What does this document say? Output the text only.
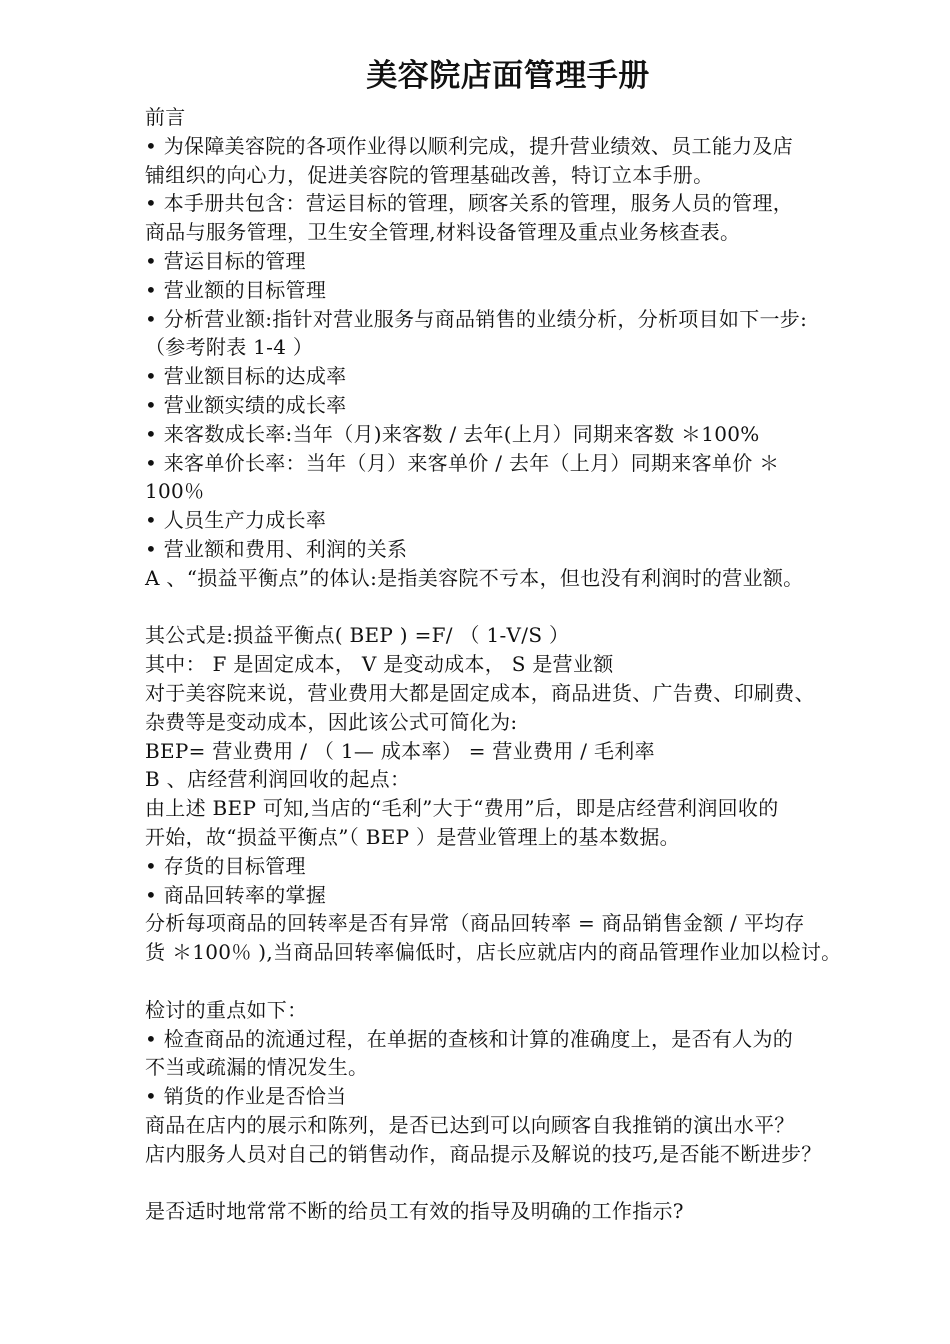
美容院店面管理手册

前言

• 为保障美容院的各项作业得以顺利完成，提升营业绩效、员工能力及店

铺组织的向心力，促进美容院的管理基础改善，特订立本手册。

• 本手册共包含：营运目标的管理，顾客关系的管理，服务人员的管理，

商品与服务管理，卫生安全管理,材料设备管理及重点业务核查表。

• 营运目标的管理

• 营业额的目标管理

• 分析营业额:指针对营业服务与商品销售的业绩分析，分析项目如下一步:

（参考附表 1-4 ）

• 营业额目标的达成率

• 营业额实绩的成长率

• 来客数成长率:当年（月)来客数 / 去年(上月）同期来客数 ＊100%

• 来客单价长率：当年（月）来客单价 / 去年（上月）同期来客单价 ＊

100％

• 人员生产力成长率

• 营业额和费用、利润的关系

A 、“损益平衡点”的体认:是指美容院不亏本，但也没有利润时的营业额。

其公式是:损益平衡点( BEP ) =F/ （ 1-V/S ）

其中： F 是固定成本， V 是变动成本， S 是营业额

对于美容院来说，营业费用大都是固定成本，商品进货、广告费、印刷费、

杂费等是变动成本，因此该公式可简化为:

BEP= 营业费用 / （ 1— 成本率） = 营业费用 / 毛利率

B 、店经营利润回收的起点：

由上述 BEP 可知,当店的“毛利”大于“费用”后，即是店经营利润回收的

开始，故“损益平衡点”（ BEP ）是营业管理上的基本数据。

• 存货的目标管理

• 商品回转率的掌握

分析每项商品的回转率是否有异常（商品回转率 = 商品销售金额 / 平均存

货 ＊100％ ),当商品回转率偏低时，店长应就店内的商品管理作业加以检讨。

检讨的重点如下：

• 检查商品的流通过程，在单据的查核和计算的准确度上，是否有人为的

不当或疏漏的情况发生。

• 销货的作业是否恰当

商品在店内的展示和陈列，是否已达到可以向顾客自我推销的演出水平？

店内服务人员对自己的销售动作，商品提示及解说的技巧,是否能不断进步？

是否适时地常常不断的给员工有效的指导及明确的工作指示?
